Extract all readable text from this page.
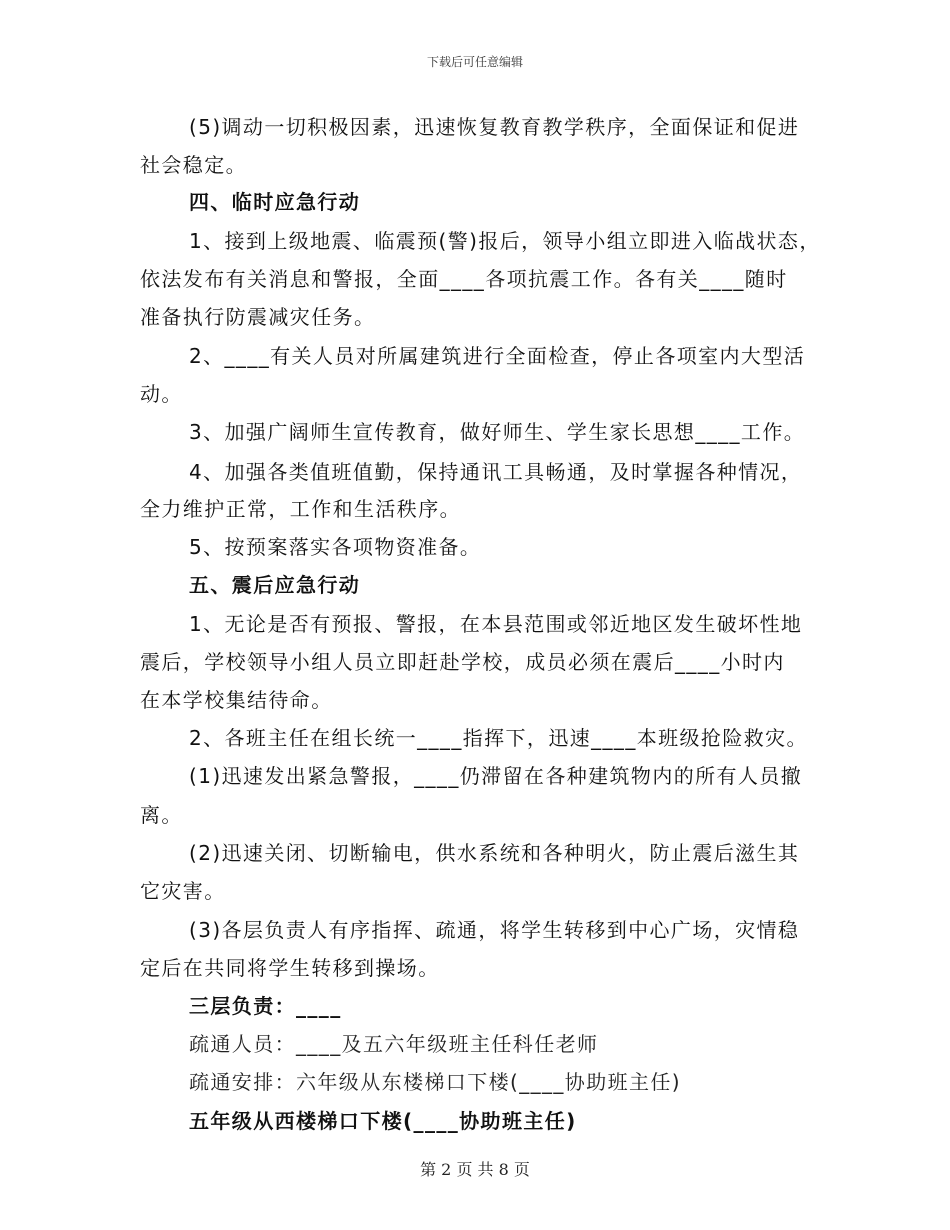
下载后可任意编辑
(5)调动一切积极因素，迅速恢复教育教学秩序，全面保证和促进
社会稳定。
四、临时应急行动
1、接到上级地震、临震预(警)报后，领导小组立即进入临战状态，
依法发布有关消息和警报，全面____各项抗震工作。各有关____随时
准备执行防震减灾任务。
2、____有关人员对所属建筑进行全面检查，停止各项室内大型活
动。
3、加强广阔师生宣传教育，做好师生、学生家长思想____工作。
4、加强各类值班值勤，保持通讯工具畅通，及时掌握各种情况，
全力维护正常，工作和生活秩序。
5、按预案落实各项物资准备。
五、震后应急行动
1、无论是否有预报、警报，在本县范围或邻近地区发生破坏性地
震后，学校领导小组人员立即赶赴学校，成员必须在震后____小时内
在本学校集结待命。
2、各班主任在组长统一____指挥下，迅速____本班级抢险救灾。
(1)迅速发出紧急警报，____仍滞留在各种建筑物内的所有人员撤
离。
(2)迅速关闭、切断输电，供水系统和各种明火，防止震后滋生其
它灾害。
(3)各层负责人有序指挥、疏通，将学生转移到中心广场，灾情稳
定后在共同将学生转移到操场。
三层负责：____
疏通人员：____及五六年级班主任科任老师
疏通安排：六年级从东楼梯口下楼(____协助班主任)
五年级从西楼梯口下楼(____协助班主任)
第 2 页 共 8 页
